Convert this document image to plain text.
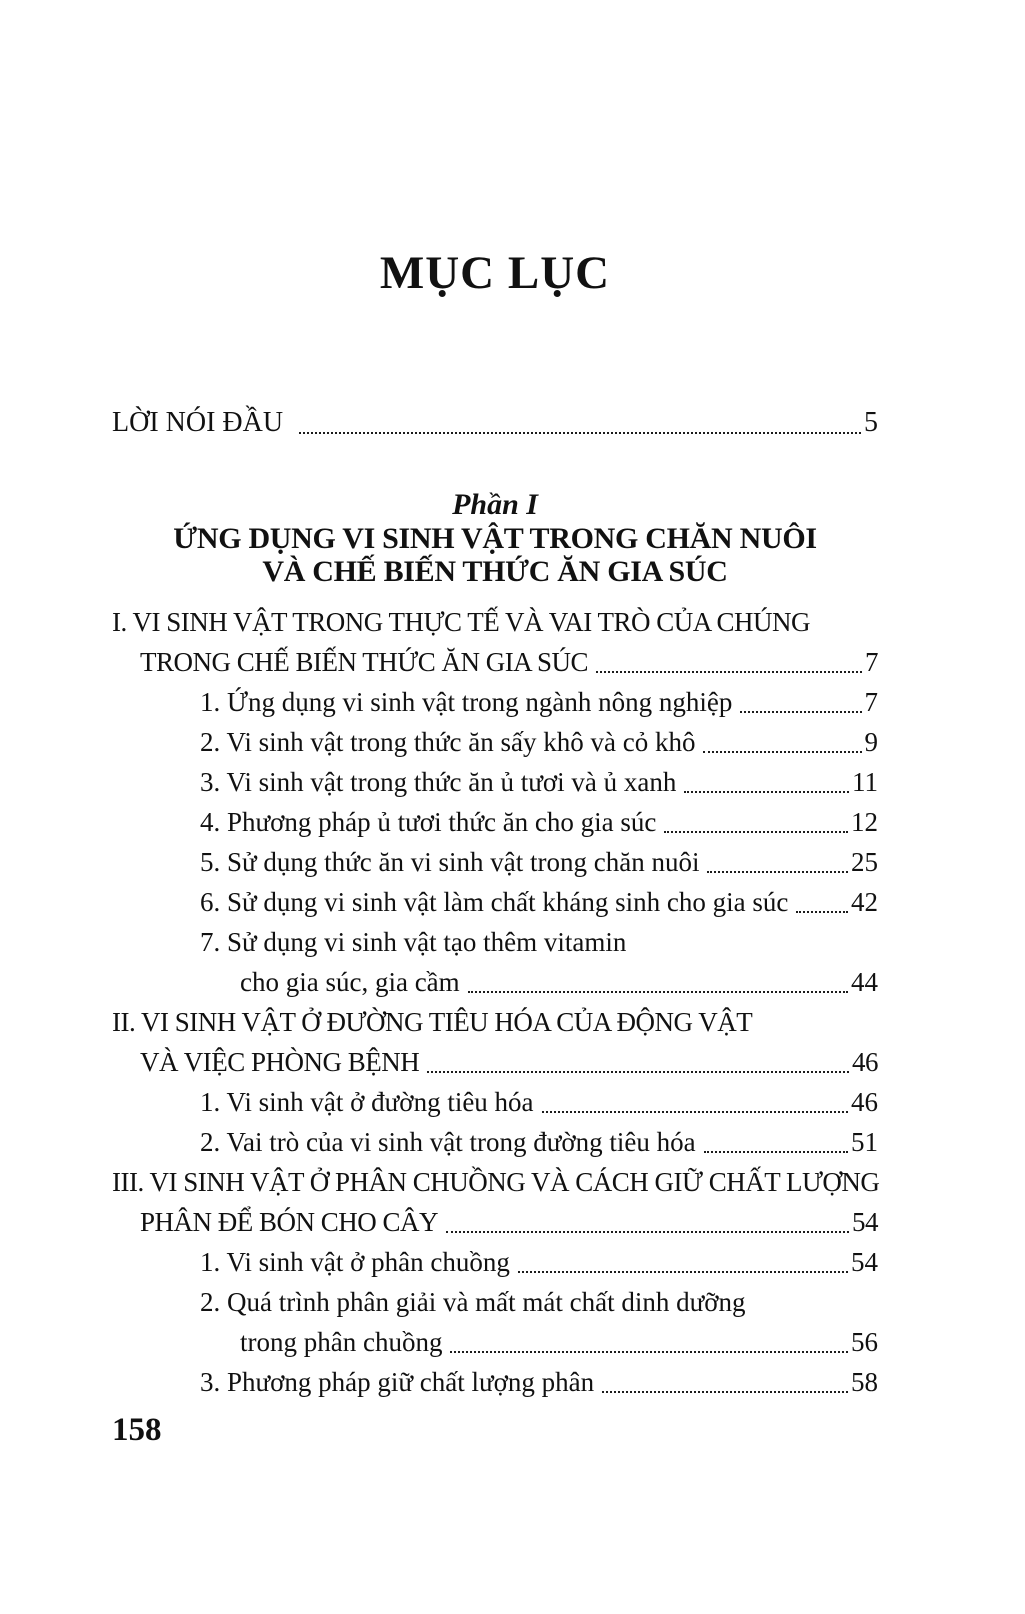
MỤC LỤC
LỜI NÓI ĐẦU	5
Phần I
ỨNG DỤNG VI SINH VẬT TRONG CHĂN NUÔI
VÀ CHẾ BIẾN THỨC ĂN GIA SÚC
I. VI SINH VẬT TRONG THỰC TẾ VÀ VAI TRÒ CỦA CHÚNG
TRONG CHẾ BIẾN THỨC ĂN GIA SÚC	7
1. Ứng dụng vi sinh vật trong ngành nông nghiệp	7
2. Vi sinh vật trong thức ăn sấy khô và cỏ khô	9
3. Vi sinh vật trong thức ăn ủ tươi và ủ xanh	11
4. Phương pháp ủ tươi thức ăn cho gia súc	12
5. Sử dụng thức ăn vi sinh vật trong chăn nuôi	25
6. Sử dụng vi sinh vật làm chất kháng sinh cho gia súc 42
7. Sử dụng vi sinh vật tạo thêm vitamin
cho gia súc, gia cầm	44
II. VI SINH VẬT Ở ĐƯỜNG TIÊU HÓA CỦA ĐỘNG VẬT
VÀ VIỆC PHÒNG BỆNH	46
1. Vi sinh vật ở đường tiêu hóa	46
2. Vai trò của vi sinh vật trong đường tiêu hóa	51
III. VI SINH VẬT Ở PHÂN CHUỒNG VÀ CÁCH GIỮ CHẤT LƯỢNG
PHÂN ĐỂ BÓN CHO CÂY	54
1. Vi sinh vật ở phân chuồng	54
2. Quá trình phân giải và mất mát chất dinh dưỡng
trong phân chuồng	56
3. Phương pháp giữ chất lượng phân	58
158
